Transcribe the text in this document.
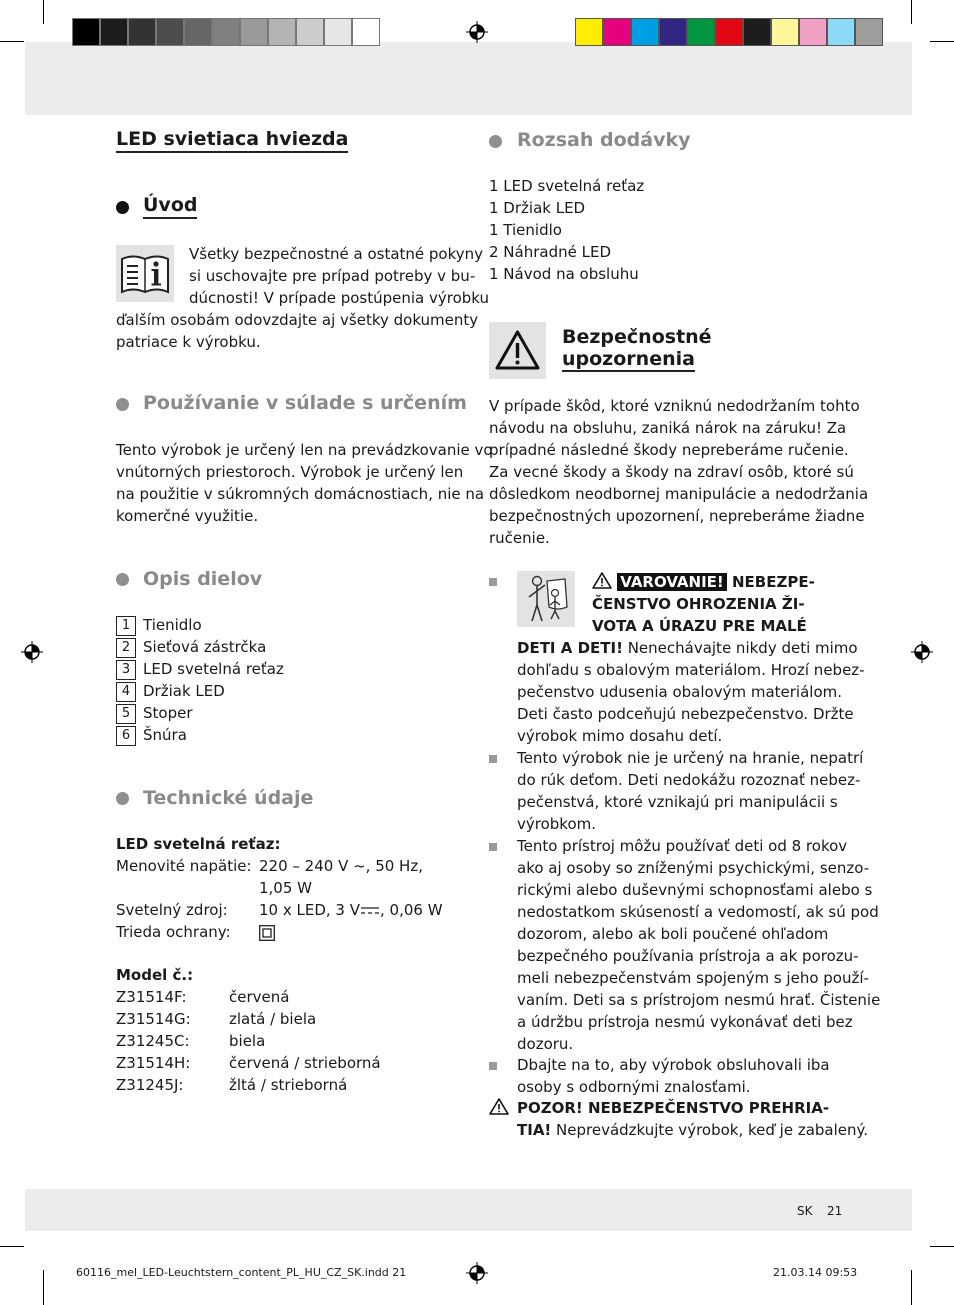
LED svietiaca hviezda
Úvod
Všetky bezpečnostné a ostatné pokyny
si uschovajte pre prípad potreby v bu-
dúcnosti! V prípade postúpenia výrobku
ďalším osobám odovzdajte aj všetky dokumenty
patriace k výrobku.
Používanie v súlade s určením
Tento výrobok je určený len na prevádzkovanie vo
vnútorných priestorоch. Výrobok je určený len
na použitie v súkromných domácnostiach, nie na
komerčné využitie.
Opis dielov
1 Tienidlo
2 Sieťová zástrčka
3 LED svetelná reťaz
4 Držiak LED
5 Stoper
6 Šnúra
Technické údaje
LED svetelná reťaz:
Menovité napätie: 220 – 240 V ~, 50 Hz,
1,05 W
Svetelný zdroj: 10 x LED, 3 V , 0,06 W
Trieda ochrany:
Model č.:
Z31514F:	červená
Z31514G:	zlatá / biela
Z31245C:	biela
Z31514H:	červená / strieborná
Z31245J:	žltá / strieborná
Rozsah dodávky
1 LED svetelná reťaz
1 Držiak LED
1 Tienidlo
2 Náhradné LED
1 Návod na obsluhu
Bezpečnostné
upozornenia
V prípade škôd, ktoré vzniknú nedodržaním tohto
návodu na obsluhu, zaniká nárok na záruku! Za
prípadné následné škody nepreberáme ručenie.
Za vecné škody a škody na zdraví osôb, ktoré sú
dôsledkom neodbornej manipulácie a nedodržania
bezpečnostných upozornení, nepreberáme žiadne
ručenie.
VAROVANIE! NEBEZPE-
ČENSTVO OHROZENIA ŽI-
VOTA A ÚRAZU PRE MALÉ
DETI A DETI! Nenechávajte nikdy deti mimo
dohľadu s obalovým materiálom. Hrozí nebez-
pečenstvo udusenia obalovým materiálom.
Deti často podceňujú nebezpečenstvo. Držte
výrobok mimo dosahu detí.
Tento výrobok nie je určený na hranie, nepatrí
do rúk deťom. Deti nedokážu rozoznať nebez-
pečenstvá, ktoré vznikajú pri manipulácii s
výrobkom.
Tento prístroj môžu používať deti od 8 rokov
ako aj osoby so zníženými psychickými, senzo-
rickými alebo duševnými schopnosťami alebo s
nedostatkom skúseností a vedomostí, ak sú pod
dozorom, alebo ak boli poučené ohľadom
bezpečného používania prístroja a ak porozu-
meli nebezpečenstvám spojeným s jeho použí-
vaním. Deti sa s prístrojom nesmú hrať. Čistenie
a údržbu prístroja nesmú vykonávať deti bez
dozoru.
Dbajte na to, aby výrobok obsluhovali iba
osoby s odbornými znalosťami.
POZOR! NEBEZPEČENSTVO PREHRIA-
TIA! Neprevádzkujte výrobok, keď je zabalený.
SK 21
60116_mel_LED-Leuchtstern_content_PL_HU_CZ_SK.indd 21	21.03.14 09:53
